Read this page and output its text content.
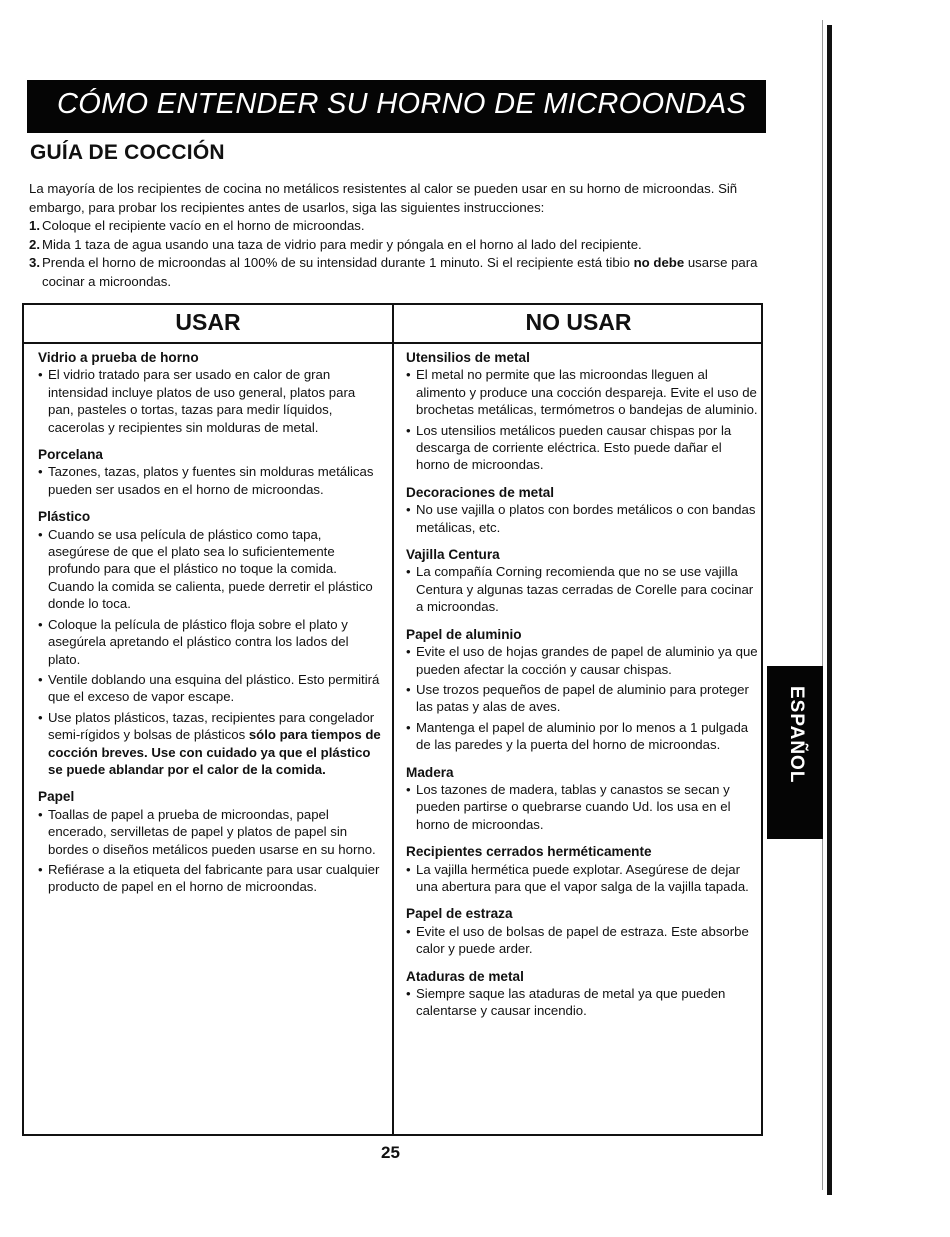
CÓMO ENTENDER SU HORNO DE MICROONDAS
GUÍA DE COCCIÓN

La mayoría de los recipientes de cocina no metálicos resistentes al calor se pueden usar en su horno de microondas. Siñ embargo, para probar los recipientes antes de usarlos, siga las siguientes instrucciones:

1. Coloque el recipiente vacío en el horno de microondas.
2. Mida 1 taza de agua usando una taza de vidrio para medir y póngala en el horno al lado del recipiente.
3. Prenda el horno de microondas al 100% de su intensidad durante 1 minuto. Si el recipiente está tibio no debe usarse para cocinar a microondas.
USAR	NO USAR
Vidrio a prueba de horno
• El vidrio tratado para ser usado en calor de gran intensidad incluye platos de uso general, platos para pan, pasteles o tortas, tazas para medir líquidos, cacerolas y recipientes sin molduras de metal.
Porcelana
• Tazones, tazas, platos y fuentes sin molduras metálicas pueden ser usados en el horno de microondas.
Plástico
• Cuando se usa película de plástico como tapa, asegúrese de que el plato sea lo suficientemente profundo para que el plástico no toque la comida. Cuando la comida se calienta, puede derretir el plástico donde lo toca.
• Coloque la película de plástico floja sobre el plato y asegúrela apretando el plástico contra los lados del plato.
• Ventile doblando una esquina del plástico. Esto permitirá que el exceso de vapor escape.
• Use platos plásticos, tazas, recipientes para congelador semi-rígidos y bolsas de plásticos sólo para tiempos de cocción breves. Use con cuidado ya que el plástico se puede ablandar por el calor de la comida.
Papel
• Toallas de papel a prueba de microondas, papel encerado, servilletas de papel y platos de papel sin bordes o diseños metálicos pueden usarse en su horno.
• Refiérase a la etiqueta del fabricante para usar cualquier producto de papel en el horno de microondas.
Utensilios de metal
• El metal no permite que las microondas lleguen al alimento y produce una cocción despareja. Evite el uso de brochetas metálicas, termómetros o bandejas de aluminio.
• Los utensilios metálicos pueden causar chispas por la descarga de corriente eléctrica. Esto puede dañar el horno de microondas.
Decoraciones de metal
• No use vajilla o platos con bordes metálicos o con bandas metálicas, etc.
Vajilla Centura
• La compañía Corning recomienda que no se use vajilla Centura y algunas tazas cerradas de Corelle para cocinar a microondas.
Papel de aluminio
• Evite el uso de hojas grandes de papel de aluminio ya que pueden afectar la cocción y causar chispas.
• Use trozos pequeños de papel de aluminio para proteger las patas y alas de aves.
• Mantenga el papel de aluminio por lo menos a 1 pulgada de las paredes y la puerta del horno de microondas.
Madera
• Los tazones de madera, tablas y canastos se secan y pueden partirse o quebrarse cuando Ud. los usa en el horno de microondas.
Recipientes cerrados herméticamente
• La vajilla hermética puede explotar. Asegúrese de dejar una abertura para que el vapor salga de la vajilla tapada.
Papel de estraza
• Evite el uso de bolsas de papel de estraza. Este absorbe calor y puede arder.
Ataduras de metal
• Siempre saque las ataduras de metal ya que pueden calentarse y causar incendio.
25
ESPAÑOL
